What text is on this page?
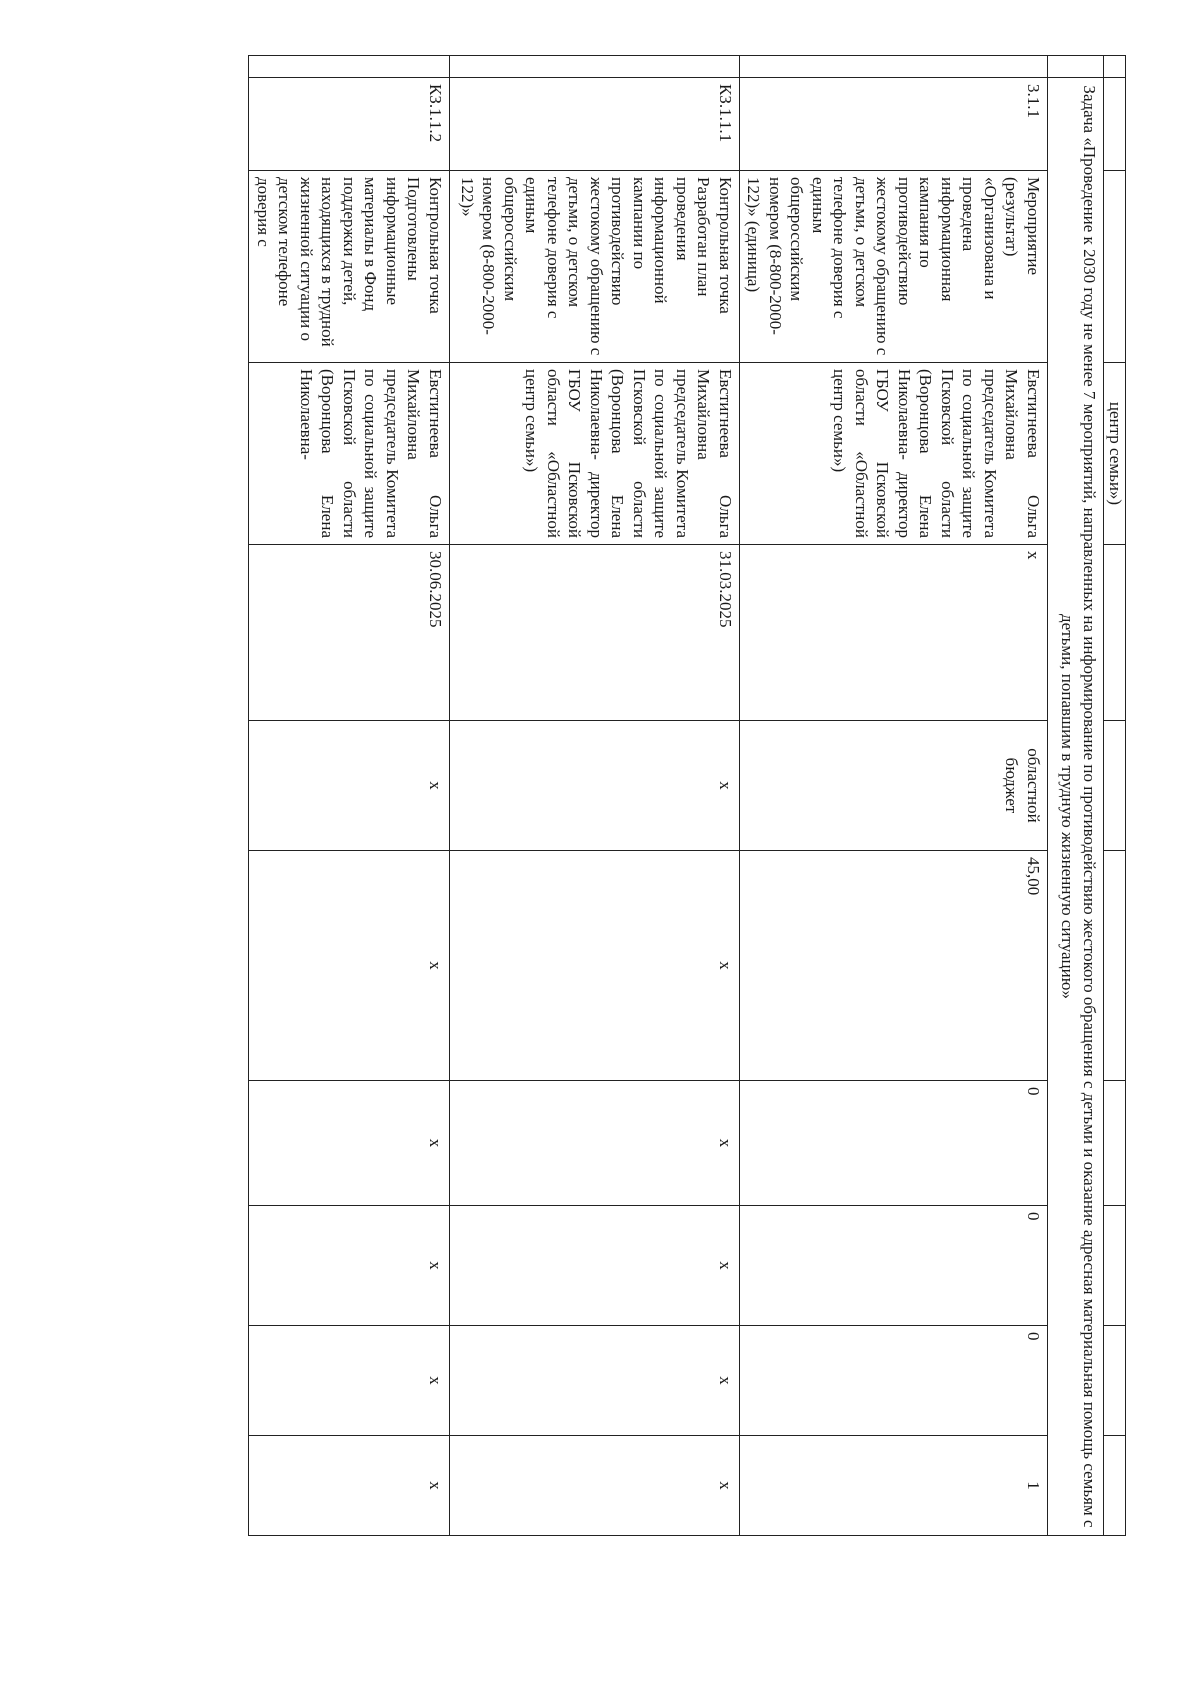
			центр семьи»)							
	Задача «Проведение к 2030 году не менее 7 мероприятий, направленных на информирование по противодействию жестокого обращения с детьми и оказание адресная материальная помощь семьям с детьми, попавшим в трудную жизненную ситуацию»									
	3.1.1	Мероприятие (результат) «Организована и проведена информационная кампания по противодействию жестокому обращению с детьми, о детском телефоне доверия с единым общероссийским номером (8-800-2000-122)» (единица)	Евстигнеева Ольга Михайловна председатель Комитета по социальной защите Псковской области (Воронцова Елена Николаевна- директор ГБОУ Псковской области «Областной центр семьи»)	x	областной бюджет	45,00	0	0	0	1
	КЗ.1.1.1	Контрольная точка Разработан план проведения информационной кампании по противодействию жестокому обращению с детьми, о детском телефоне доверия с единым общероссийским номером (8-800-2000-122)»	Евстигнеева Ольга Михайловна председатель Комитета по социальной защите Псковской области (Воронцова Елена Николаевна- директор ГБОУ Псковской области «Областной центр семьи»)	31.03.2025	x	x	x	x	x	x
	КЗ.1.1.2	Контрольная точка Подготовлены информационные материалы в Фонд поддержки детей, находящихся в трудной жизненной ситуации о детском телефоне доверия с	Евстигнеева Ольга Михайловна председатель Комитета по социальной защите Псковской области (Воронцова Елена Николаевна-	30.06.2025	x	x	x	x	x	x
